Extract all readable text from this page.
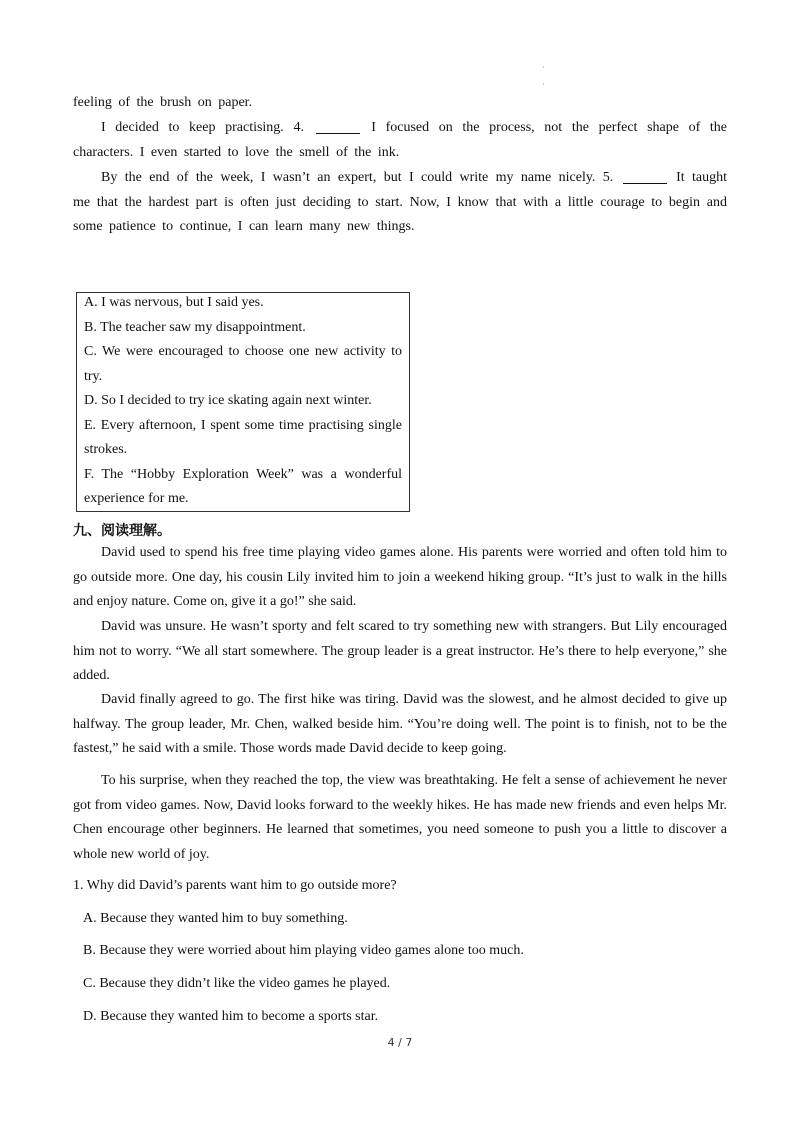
·
·

feeling of the brush on paper.

I decided to keep practising. 4.	I focused on the process, not the perfect shape of the characters. I even started to love the smell of the ink.

By the end of the week, I wasn’t an expert, but I could write my name nicely. 5.	It taught me that the hardest part is often just deciding to start. Now, I know that with a little courage to begin and some patience to continue, I can learn many new things.

A. I was nervous, but I said yes.
B. The teacher saw my disappointment.
C. We were encouraged to choose one new activity to try.
D. So I decided to try ice skating again next winter.
E. Every afternoon, I spent some time practising single strokes.
F. The “Hobby Exploration Week” was a wonderful experience for me.
九、阅读理解。

David used to spend his free time playing video games alone. His parents were worried and often told him to go outside more. One day, his cousin Lily invited him to join a weekend hiking group. “It’s just to walk in the hills and enjoy nature. Come on, give it a go!” she said.

David was unsure. He wasn’t sporty and felt scared to try something new with strangers. But Lily encouraged him not to worry. “We all start somewhere. The group leader is a great instructor. He’s there to help everyone,” she added.

David finally agreed to go. The first hike was tiring. David was the slowest, and he almost decided to give up halfway. The group leader, Mr. Chen, walked beside him. “You’re doing well. The point is to finish, not to be the fastest,” he said with a smile. Those words made David decide to keep going.

To his surprise, when they reached the top, the view was breathtaking. He felt a sense of achievement he never got from video games. Now, David looks forward to the weekly hikes. He has made new friends and even helps Mr. Chen encourage other beginners. He learned that sometimes, you need someone to push you a little to discover a whole new world of joy.

1. Why did David’s parents want him to go outside more?
A. Because they wanted him to buy something.
B. Because they were worried about him playing video games alone too much.
C. Because they didn’t like the video games he played.
D. Because they wanted him to become a sports star.
4 / 7
